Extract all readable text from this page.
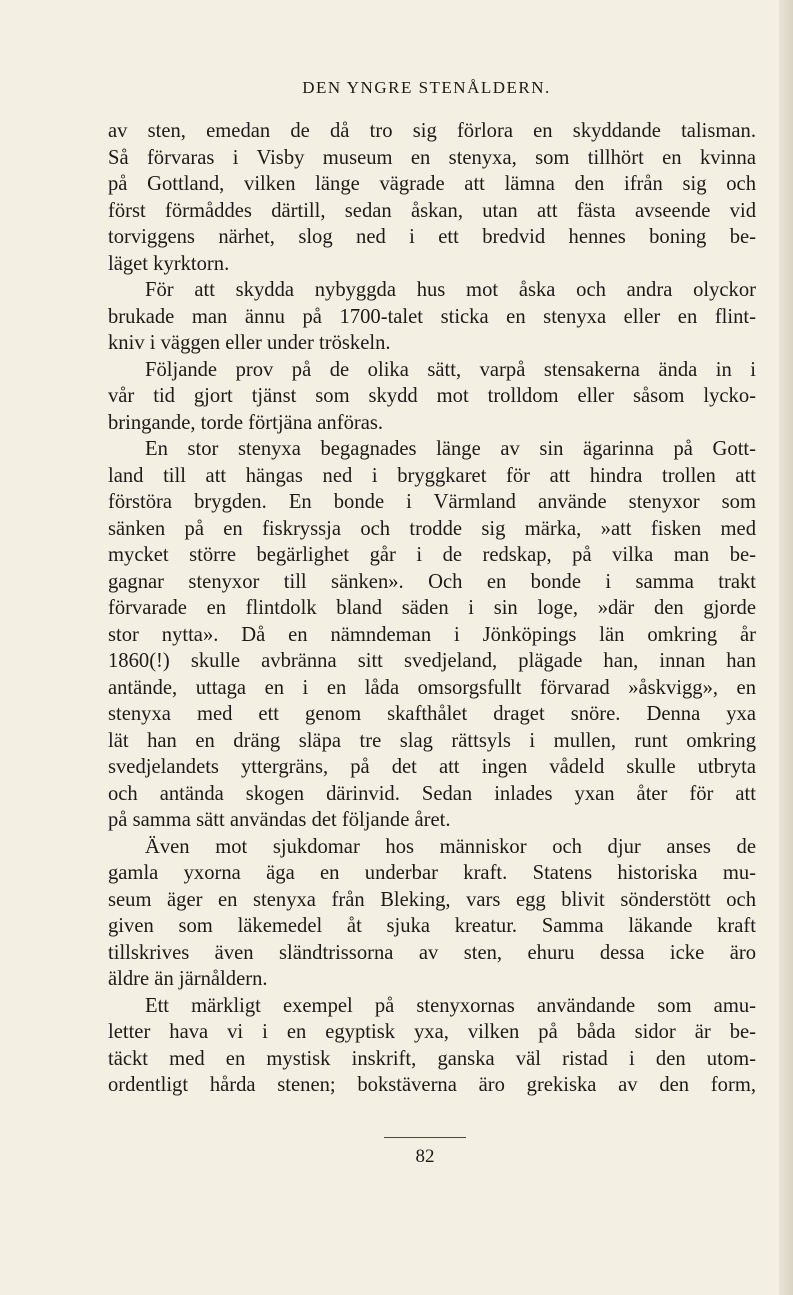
DEN YNGRE STENÅLDERN.
av sten, emedan de då tro sig förlora en skyddande talisman.
Så förvaras i Visby museum en stenyxa, som tillhört en kvinna
på Gottland, vilken länge vägrade att lämna den ifrån sig och
först förmåddes därtill, sedan åskan, utan att fästa avseende vid
torviggens närhet, slog ned i ett bredvid hennes boning be-
läget kyrktorn.
För att skydda nybyggda hus mot åska och andra olyckor
brukade man ännu på 1700-talet sticka en stenyxa eller en flint-
kniv i väggen eller under tröskeln.
Följande prov på de olika sätt, varpå stensakerna ända in i
vår tid gjort tjänst som skydd mot trolldom eller såsom lycko-
bringande, torde förtjäna anföras.
En stor stenyxa begagnades länge av sin ägarinna på Gott-
land till att hängas ned i bryggkaret för att hindra trollen att
förstöra brygden. En bonde i Värmland använde stenyxor som
sänken på en fiskryssja och trodde sig märka, »att fisken med
mycket större begärlighet går i de redskap, på vilka man be-
gagnar stenyxor till sänken». Och en bonde i samma trakt
förvarade en flintdolk bland säden i sin loge, »där den gjorde
stor nytta». Då en nämndeman i Jönköpings län omkring år
1860(!) skulle avbränna sitt svedjeland, plägade han, innan han
antände, uttaga en i en låda omsorgsfullt förvarad »åskvigg», en
stenyxa med ett genom skafthålet draget snöre. Denna yxa
lät han en dräng släpa tre slag rättsyls i mullen, runt omkring
svedjelandets yttergräns, på det att ingen vådeld skulle utbryta
och antända skogen därinvid. Sedan inlades yxan åter för att
på samma sätt användas det följande året.
Även mot sjukdomar hos människor och djur anses de
gamla yxorna äga en underbar kraft. Statens historiska mu-
seum äger en stenyxa från Bleking, vars egg blivit sönderstött och
given som läkemedel åt sjuka kreatur. Samma läkande kraft
tillskrives även sländtrissorna av sten, ehuru dessa icke äro
äldre än järnåldern.
Ett märkligt exempel på stenyxornas användande som amu-
letter hava vi i en egyptisk yxa, vilken på båda sidor är be-
täckt med en mystisk inskrift, ganska väl ristad i den utom-
ordentligt hårda stenen; bokstäverna äro grekiska av den form,
82
